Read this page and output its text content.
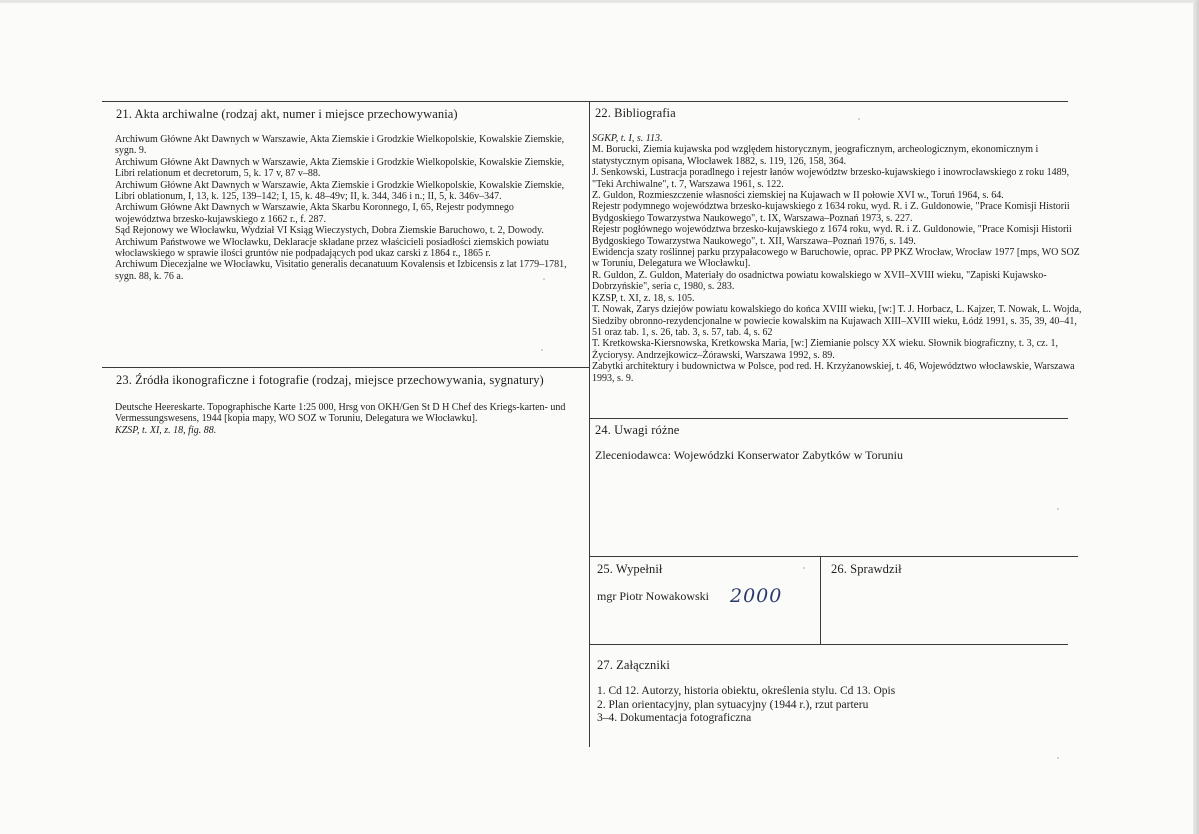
21. Akta archiwalne (rodzaj akt, numer i miejsce przechowywania)

Archiwum Główne Akt Dawnych w Warszawie, Akta Ziemskie i Grodzkie Wielkopolskie, Kowalskie Ziemskie, sygn. 9.

Archiwum Główne Akt Dawnych w Warszawie, Akta Ziemskie i Grodzkie Wielkopolskie, Kowalskie Ziemskie, Libri relationum et decretorum, 5, k. 17 v, 87 v–88.

Archiwum Główne Akt Dawnych w Warszawie, Akta Ziemskie i Grodzkie Wielkopolskie, Kowalskie Ziemskie, Libri oblationum, I, 13, k. 125, 139–142; I, 15, k. 48–49v; II, k. 344, 346 i n.; II, 5, k. 346v–347.

Archiwum Główne Akt Dawnych w Warszawie, Akta Skarbu Koronnego, I, 65, Rejestr podymnego województwa brzesko-kujawskiego z 1662 r., f. 287.

Sąd Rejonowy we Włocławku, Wydział VI Ksiąg Wieczystych, Dobra Ziemskie Baruchowo, t. 2, Dowody.

Archiwum Państwowe we Włocławku, Deklaracje składane przez właścicieli posiadłości ziemskich powiatu włocławskiego w sprawie ilości gruntów nie podpadających pod ukaz carski z 1864 r., 1865 r.

Archiwum Diecezjalne we Włocławku, Visitatio generalis decanatuum Kovalensis et Izbicensis z lat 1779–1781, sygn. 88, k. 76 a.

22. Bibliografia

SGKP, t. I, s. 113.

M. Borucki, Ziemia kujawska pod względem historycznym, jeograficznym, archeologicznym, ekonomicznym i statystycznym opisana, Włocławek 1882, s. 119, 126, 158, 364.

J. Senkowski, Lustracja poradlnego i rejestr łanów województw brzesko-kujawskiego i inowrocławskiego z roku 1489, "Teki Archiwalne", t. 7, Warszawa 1961, s. 122.

Z. Guldon, Rozmieszczenie własności ziemskiej na Kujawach w II połowie XVI w., Toruń 1964, s. 64.

Rejestr podymnego województwa brzesko-kujawskiego z 1634 roku, wyd. R. i Z. Guldonowie, "Prace Komisji Historii Bydgoskiego Towarzystwa Naukowego", t. IX, Warszawa–Poznań 1973, s. 227.

Rejestr pogłównego województwa brzesko-kujawskiego z 1674 roku, wyd. R. i Z. Guldonowie, "Prace Komisji Historii Bydgoskiego Towarzystwa Naukowego", t. XII, Warszawa–Poznań 1976, s. 149.

Ewidencja szaty roślinnej parku przypałacowego w Baruchowie, oprac. PP PKZ Wrocław, Wrocław 1977 [mps, WO SOZ w Toruniu, Delegatura we Włocławku].

R. Guldon, Z. Guldon, Materiały do osadnictwa powiatu kowalskiego w XVII–XVIII wieku, "Zapiski Kujawsko-Dobrzyńskie", seria c, 1980, s. 283.

KZSP, t. XI, z. 18, s. 105.

T. Nowak, Zarys dziejów powiatu kowalskiego do końca XVIII wieku, [w:] T. J. Horbacz, L. Kajzer, T. Nowak, L. Wojda, Siedziby obronno-rezydencjonalne w powiecie kowalskim na Kujawach XIII–XVIII wieku, Łódź 1991, s. 35, 39, 40–41, 51 oraz tab. 1, s. 26, tab. 3, s. 57, tab. 4, s. 62

T. Kretkowska-Kiersnowska, Kretkowska Maria, [w:] Ziemianie polscy XX wieku. Słownik biograficzny, t. 3, cz. 1, Życiorysy. Andrzejkowicz–Żórawski, Warszawa 1992, s. 89.

Zabytki architektury i budownictwa w Polsce, pod red. H. Krzyżanowskiej, t. 46, Województwo włocławskie, Warszawa 1993, s. 9.

23. Źródła ikonograficzne i fotografie (rodzaj, miejsce przechowywania, sygnatury)

Deutsche Heereskarte. Topographische Karte 1:25 000, Hrsg von OKH/Gen St D H Chef des Kriegs-karten- und Vermessungswesens, 1944 [kopia mapy, WO SOZ w Toruniu, Delegatura we Włocławku].

KZSP, t. XI, z. 18, fig. 88.	24. Uwagi różne
Zleceniodawca: Wojewódzki Konserwator Zabytków w Toruniu
25. Wypełnił
mgr Piotr Nowakowski 2000
26. Sprawdził
27. Załączniki

1. Cd 12. Autorzy, historia obiektu, określenia stylu. Cd 13. Opis

2. Plan orientacyjny, plan sytuacyjny (1944 r.), rzut parteru

3–4. Dokumentacja fotograficzna
